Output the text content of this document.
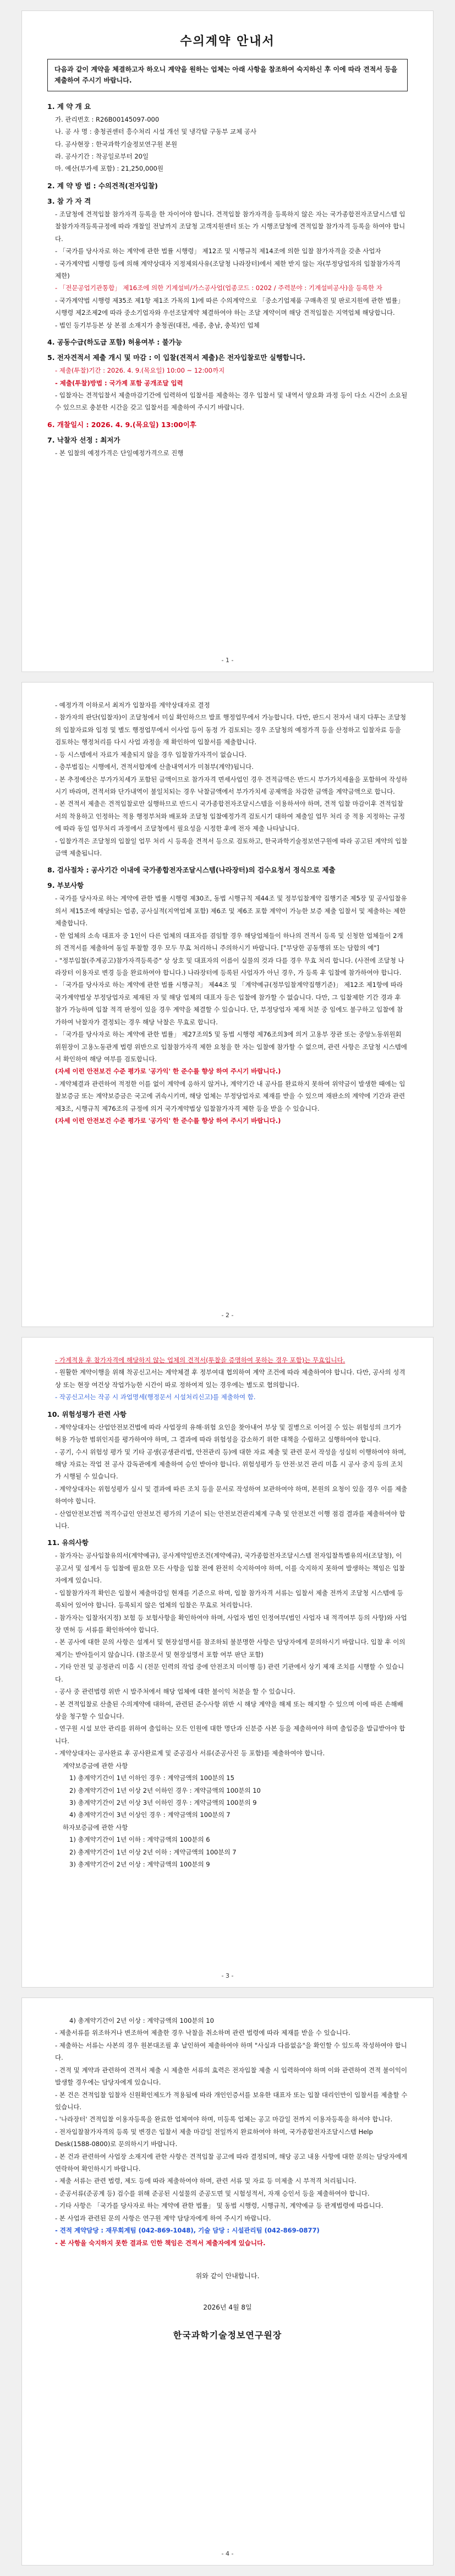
수의계약 안내서
다음과 같이 계약을 체결하고자 하오니 계약을 원하는 업체는 아래 사항을 참조하여 숙지하신 후 이에 따라 견적서 등을 제출하여 주시기 바랍니다.
1. 계 약 개 요
가. 관리번호 : R26B00145097-000
나. 공 사 명 : 충청권센터 흥수처리 시설 개선 및 냉각탑 구동부 교체 공사
다. 공사현장 : 한국과학기술정보연구원 본원
라. 공사기간 : 착공일로부터 20일
마. 예산(부가세 포함) : 21,250,000원
2. 계 약 방 법 : 수의견적(전자입찰)
3. 참 가 자 격
- 조달청에 견적입찰 참가자격 등록을 한 자이어야 합니다. 견적입찰 참가자격을 등록하지 않은 자는 국가종합전자조달시스템 입찰참가자격등록규정에 따라 개찰일 전날까지 조달청 고객지원센터 또는 가 시행조달청에 견적입찰 참가자격 등록을 하여야 합니다.
- 「국가를 당사자로 하는 계약에 관한 법률 시행령」 제12조 및 시행규칙 제14조에 의한 입찰 참가자격을 갖춘 사업자
- 국가계약법 시행령 등에 의해 계약상대자 지정제외사유(조달청 나라장터)에서 제한 받지 않는 자(부정당업자의 입찰참가자격 제한)
- 「전문공업기관통합」 제16조에 의한 기계설비/가스공사업(업종코드 : 0202 / 주력분야 : 기계설비공사)을 등록한 자
- 국가계약법 시행령 제35조 제1항 제1조 가목의 1)에 따른 수의계약으로 「중소기업제품 구매촉진 및 판로지원에 관한 법률」 시행령 제2조제2에 따라 중소기업자와 우선조달계약 체결하여야 하는 조달 계약이며 해당 견적입찰은 지역업체 해당합니다.
- 법인 등기부등본 상 본점 소재지가 충청권(대전, 세종, 충남, 충북)인 업체
4. 공동수급(하도급 포함) 허용여부 : 불가능
5. 전자견적서 제출 개시 및 마감 : 이 입찰(견적서 제출)은 전자입찰로만 실행합니다.
- 제출(투찰)기간 : 2026. 4. 9.(목요일) 10:00 ~ 12:00까지
- 제출(투찰)방법 : 국가계 포함 공개조달 입력
- 입찰자는 견적입찰서 제출마감기간에 입력하여 입찰서를 제출하는 경우 입찰서 및 내역서 양요화 과정 등이 다소 시간이 소요될 수 있으므로 충분한 시간을 갖고 입찰서를 제출하여 주시기 바랍니다.
6. 개찰일시 : 2026. 4. 9.(목요일) 13:00이후
7. 낙찰자 선정 : 최저가
- 본 입찰의 예정가격은 단일예정가격으로 진행
- 1 -
- 예정가격 이하로서 최저가 입찰자를 계약상대자로 결정
- 참가자의 판단(입찰자)이 조달청에서 미실 확인하으므 발표 행정업무에서 가능합니다. 다만, 판드시 전자서 내지 다투는 조달청의 입찰자료와 입정 및 별도 행정업무에서 이사업 등이 동정 가 검토되는 경우 조달청의 예정가격 등을 산정하고 입찰자료 등을 검토하는 행정처리를 다시 사업 과정을 재 확인하여 입찰서를 제출합니다.
- 등 시스템에서 자료가 제출되지 않을 경우 입찰참가자격이 없습니다.
- 층부법집는 시행에서, 견적서합계에 산출내역서가 미첨부(계약)됩니다.
- 본 추정예산은 부가가치세가 포함된 금액이므로 참가자격 면세사업인 경우 견적금액은 반드시 부가가치세율을 포함하여 작성하시기 바라며, 견적서와 단가내역이 불일치되는 경우 낙찰금액에서 부가가치세 공제액을 차감한 금액을 계약금액으로 합니다.
- 본 견적서 제출은 견적입찰로만 실행하므로 반드시 국가종합전자조달시스템을 이용하셔야 하며, 견적 입찰 마감이후 견적입찰서의 착용하고 인정하는 적용 행정부처와 배포와 조달청 입찰예정가격 검토시기 대하여 제출일 업무 처리 중 적용 지정하는 규정에 따라 동일 업무처리 과정에서 조달청에서 필요성을 시정한 후에 전자 제출 나타납니다.
- 입찰가격은 조달청의 입찰일 업무 처리 시 등록을 견적서 등으로 검토하고, 한국과학기술정보연구원에 따라 공고된 계약의 입찰금액 제출됩니다.
8. 검사절차 : 공사기간 이내에 국가종합전자조달시스템(나라장터)의 검수요청서 정식으로 제출
9. 부보사항
- 국가를 당사자로 하는 계약에 관한 법률 시행령 제30조, 동법 시행규칙 제44조 및 정부입찰계약 집행기준 제5장 및 공사입찰유의서 제15조에 해당되는 업종, 공사실적(지역업체 포함) 제6조 및 제6조 포함 계약이 가능한 보증 제출 입찰서 및 제출하는 제한 제출합니다.
- 한 업체의 소속 대표자 중 1인이 다른 업체의 대표자를 겸임할 경우 해당업체들이 하나의 견적서 등록 및 신청한 업체들이 2개의 견적서를 제출하여 동일 투찰할 경우 모두 무효 처리하니 주의하시기 바랍니다. ["부당한 공동행위 또는 담합의 예"]
- "정부입찰(주계공고)참가자격등록증" 상 상호 및 대표자의 이름이 실물의 것과 다를 경우 무효 처리 합니다. (사전에 조달청 나라장터 이용자로 변경 등을 완료하여야 합니다.) 나라장터에 등록된 사업자가 아닌 경우, 가 등록 후 입찰에 참가하여야 합니다.
- 「국가를 당사자로 하는 계약에 관한 법률 시행규칙」 제44조 및 「계약예규(정부입찰계약집행기준)」 제12조 제1항에 따라 국가계약법상 부정당업자로 제재된 자 및 해당 업체의 대표자 등은 입찰에 참가할 수 없습니다. 다만, 그 입찰제한 기간 경과 후 참가 가능하며 입찰 적격 판정이 있을 경우 계약을 체결할 수 있습니다. 단, 부정당업자 제재 처분 중 임에도 불구하고 입찰에 참가하여 낙찰자가 결정되는 경우 해당 낙찰은 무효로 합니다.
- 「국가를 당사자로 하는 계약에 관한 법률」 제27조의5 및 동법 시행령 제76조의3에 의거 고용부 장관 또는 중앙노동위원회 위원장이 고용노동관계 법령 위반으로 입찰참가자격 제한 요청을 한 자는 입찰에 참가할 수 없으며, 관련 사항은 조달청 시스템에서 확인하여 해당 여부를 검토합니다.
(자세 이런 안전보건 수준 평가로 '공가익' 한 준수를 향상 하여 주시기 바랍니다.)
- 계약체결과 관련하여 적정한 이를 없이 계약에 응하지 않거나, 계약기간 내 공사를 완료하지 못하여 위약금이 발생한 때에는 입찰보증금 또는 계약보증금은 국고에 귀속시키며, 해당 업체는 부정당업자로 제재를 받을 수 있으며 재판소의 계약에 기간과 관련 제3조, 시행규칙 제76조의 규정에 의거 국가계약법상 입찰참가자격 제한 등을 받을 수 있습니다.
(자세 이런 안전보건 수준 평가로 '공가익' 한 준수를 향상 하여 주시기 바랍니다.)
- 2 -
- 가계적용 후 참가자격에 해당하지 않는 업체의 견적서(투찰을 증명하여 못하는 경우 포함)는 무효입니다.
- 원활한 계약이행을 위해 착공신고서는 계약체결 후 정부여대 협의하여 계약 조건에 따라 제출하여야 합니다. 다만, 공사의 성격상 또는 현장 여건상 작업가능한 시간이 따로 정하여져 있는 경우에는 별도로 협의합니다.
- 작공신고서는 작공 시 과업명세(행정문서 시설처리신고)를 제출하여 함.
10. 위험성평가 관련 사항
- 계약상대자는 산업안전보건법에 따라 사업장의 유해·위험 요인을 찾아내어 부상 및 질병으로 이어질 수 있는 위험성의 크기가 허용 가능한 범위인지를 평가하여야 하며, 그 결과에 따라 위험성을 감소하기 위한 대책을 수립하고 실행하여야 합니다.
- 공기, 수시 위험성 평가 및 기타 공생(공생관리법, 안전관리 등)에 대한 자료 제출 및 관련 문서 작성을 성실히 이행하여야 하며, 해당 자료는 작업 전 공사 감독관에게 제출하여 승인 받아야 합니다. 위험성평가 등 안전·보건 관리 미흡 시 공사 중지 등의 조치가 시행될 수 있습니다.
- 계약상대자는 위험성평가 실시 및 결과에 따른 조치 등을 문서로 작성하여 보관하여야 하며, 본원의 요청이 있을 경우 이를 제출하여야 합니다.
- 산업안전보건법 적격수급인 안전보건 평가의 기준이 되는 안전보건관리체계 구축 및 안전보건 이행 점검 결과를 제출하여야 합니다.
11. 유의사항
- 참가자는 공사입찰유의서(계약예규), 공사계약일반조건(계약예규), 국가종합전자조달시스템 전자입찰특별유의서(조달청), 이 공고서 및 설계서 등 입찰에 필요한 모든 사항을 입찰 전에 완전히 숙지하여야 하며, 이를 숙지하지 못하여 발생하는 책임은 입찰자에게 있습니다.
- 입찰참가자격 확인은 입찰서 제출마감일 현재를 기준으로 하며, 입찰 참가자격 서류는 입찰서 제출 전까지 조달청 시스템에 등록되어 있어야 합니다. 등록되지 않은 업체의 입찰은 무효로 처리합니다.
- 참가자는 입찰자(지정) 보험 등 보험사항을 확인하여야 하며, 사업자 법인 인정여부(법인 사업자 내 적격여부 등의 사항)와 사업장 면허 등 서류를 확인하여야 합니다.
- 본 공사에 대한 문의 사항은 설계서 및 현장설명서를 참조하되 불분명한 사항은 담당자에게 문의하시기 바랍니다. 입찰 후 이의제기는 받아들이지 않습니다. (참조문서 및 현장설명서 포함 여부 판단 포함)
- 기타 안전 및 공정관리 미흡 시 (전문 인력의 작업 중에 안전조치 미이행 등) 관련 기관에서 상기 제재 조치를 시행할 수 있습니다.
- 공사 중 관련법령 위반 시 발주처에서 해당 업체에 대한 불이익 처분을 할 수 있습니다.
- 본 견적입찰로 산출된 수의계약에 대하여, 관련된 준수사항 위반 시 해당 계약을 해제 또는 해지할 수 있으며 이에 따른 손해배상을 청구할 수 있습니다.
- 연구원 시설 보안 관리를 위하여 출입하는 모든 인원에 대한 명단과 신분증 사본 등을 제출하여야 하며 출입증을 발급받아야 합니다.
- 계약상대자는 공사완료 후 공사완료계 및 준공검사 서류(준공사진 등 포함)를 제출하여야 합니다.
계약보증금에 관한 사항
1) 총계약기간이 1년 이하인 경우 : 계약금액의 100분의 15
2) 총계약기간이 1년 이상 2년 이하인 경우 : 계약금액의 100분의 10
3) 총계약기간이 2년 이상 3년 이하인 경우 : 계약금액의 100분의 9
4) 총계약기간이 3년 이상인 경우 : 계약금액의 100분의 7
하자보증금에 관한 사항
1) 총계약기간이 1년 이하 : 계약금액의 100분의 6
2) 총계약기간이 1년 이상 2년 이하 : 계약금액의 100분의 7
3) 총계약기간이 2년 이상 : 계약금액의 100분의 9
- 3 -
4) 총계약기간이 2년 이상 : 계약금액의 100분의 10
- 제출서류를 위조하거나 변조하여 제출한 경우 낙찰을 취소하며 관련 법령에 따라 제재를 받을 수 있습니다.
- 제출하는 서류는 사본의 경우 원본대조필 후 날인하여 제출하여야 하며 "사실과 다름없음"을 확인할 수 있도록 작성하여야 합니다.
- 견적 및 계약과 관련하여 견적서 제출 시 제출한 서류의 효력은 전자입찰 제출 시 입력하여야 하며 이와 관련하여 견적 불이익이 발생할 경우에는 담당자에게 있습니다.
- 본 건은 견적입찰 입찰자 신원확인제도가 적용됨에 따라 개인인증서를 보유한 대표자 또는 입찰 대리인만이 입찰서를 제출할 수 있습니다.
- '나라장터' 견적입찰 이용자등록을 완료한 업체여야 하며, 미등록 업체는 공고 마감일 전까지 이용자등록을 하셔야 합니다.
- 전자입찰참가자격의 등록 및 변경은 입찰서 제출 마감일 전일까지 완료하여야 하며, 국가종합전자조달시스템 Help Desk(1588-0800)로 문의하시기 바랍니다.
- 본 건과 관련하여 사업장 소재지에 관한 사항은 견적입찰 공고에 따라 결정되며, 해당 공고 내용 사항에 대한 문의는 담당자에게 연락하여 확인하시기 바랍니다.
- 제출 서류는 관련 법령, 제도 등에 따라 제출하여야 하며, 관련 서류 및 자료 등 미제출 시 부적격 처리됩니다.
- 준공서류(준공계 등) 검수를 위해 준공된 시설물의 준공도면 및 시험성적서, 자재 승인서 등을 제출하여야 합니다.
- 기타 사항은 「국가를 당사자로 하는 계약에 관한 법률」 및 동법 시행령, 시행규칙, 계약예규 등 관계법령에 따릅니다.
- 본 사업과 관련된 문의 사항은 연구원 계약 담당자에게 하여 주시기 바랍니다.
- 견적 계약담당 : 재무회계팀 (042-869-1048), 기술 담당 : 시설관리팀 (042-869-0877)
- 본 사항을 숙지하지 못한 결과로 인한 책임은 견적서 제출자에게 있습니다.
위와 같이 안내합니다.
2026년 4월 8일
한국과학기술정보연구원장
- 4 -
